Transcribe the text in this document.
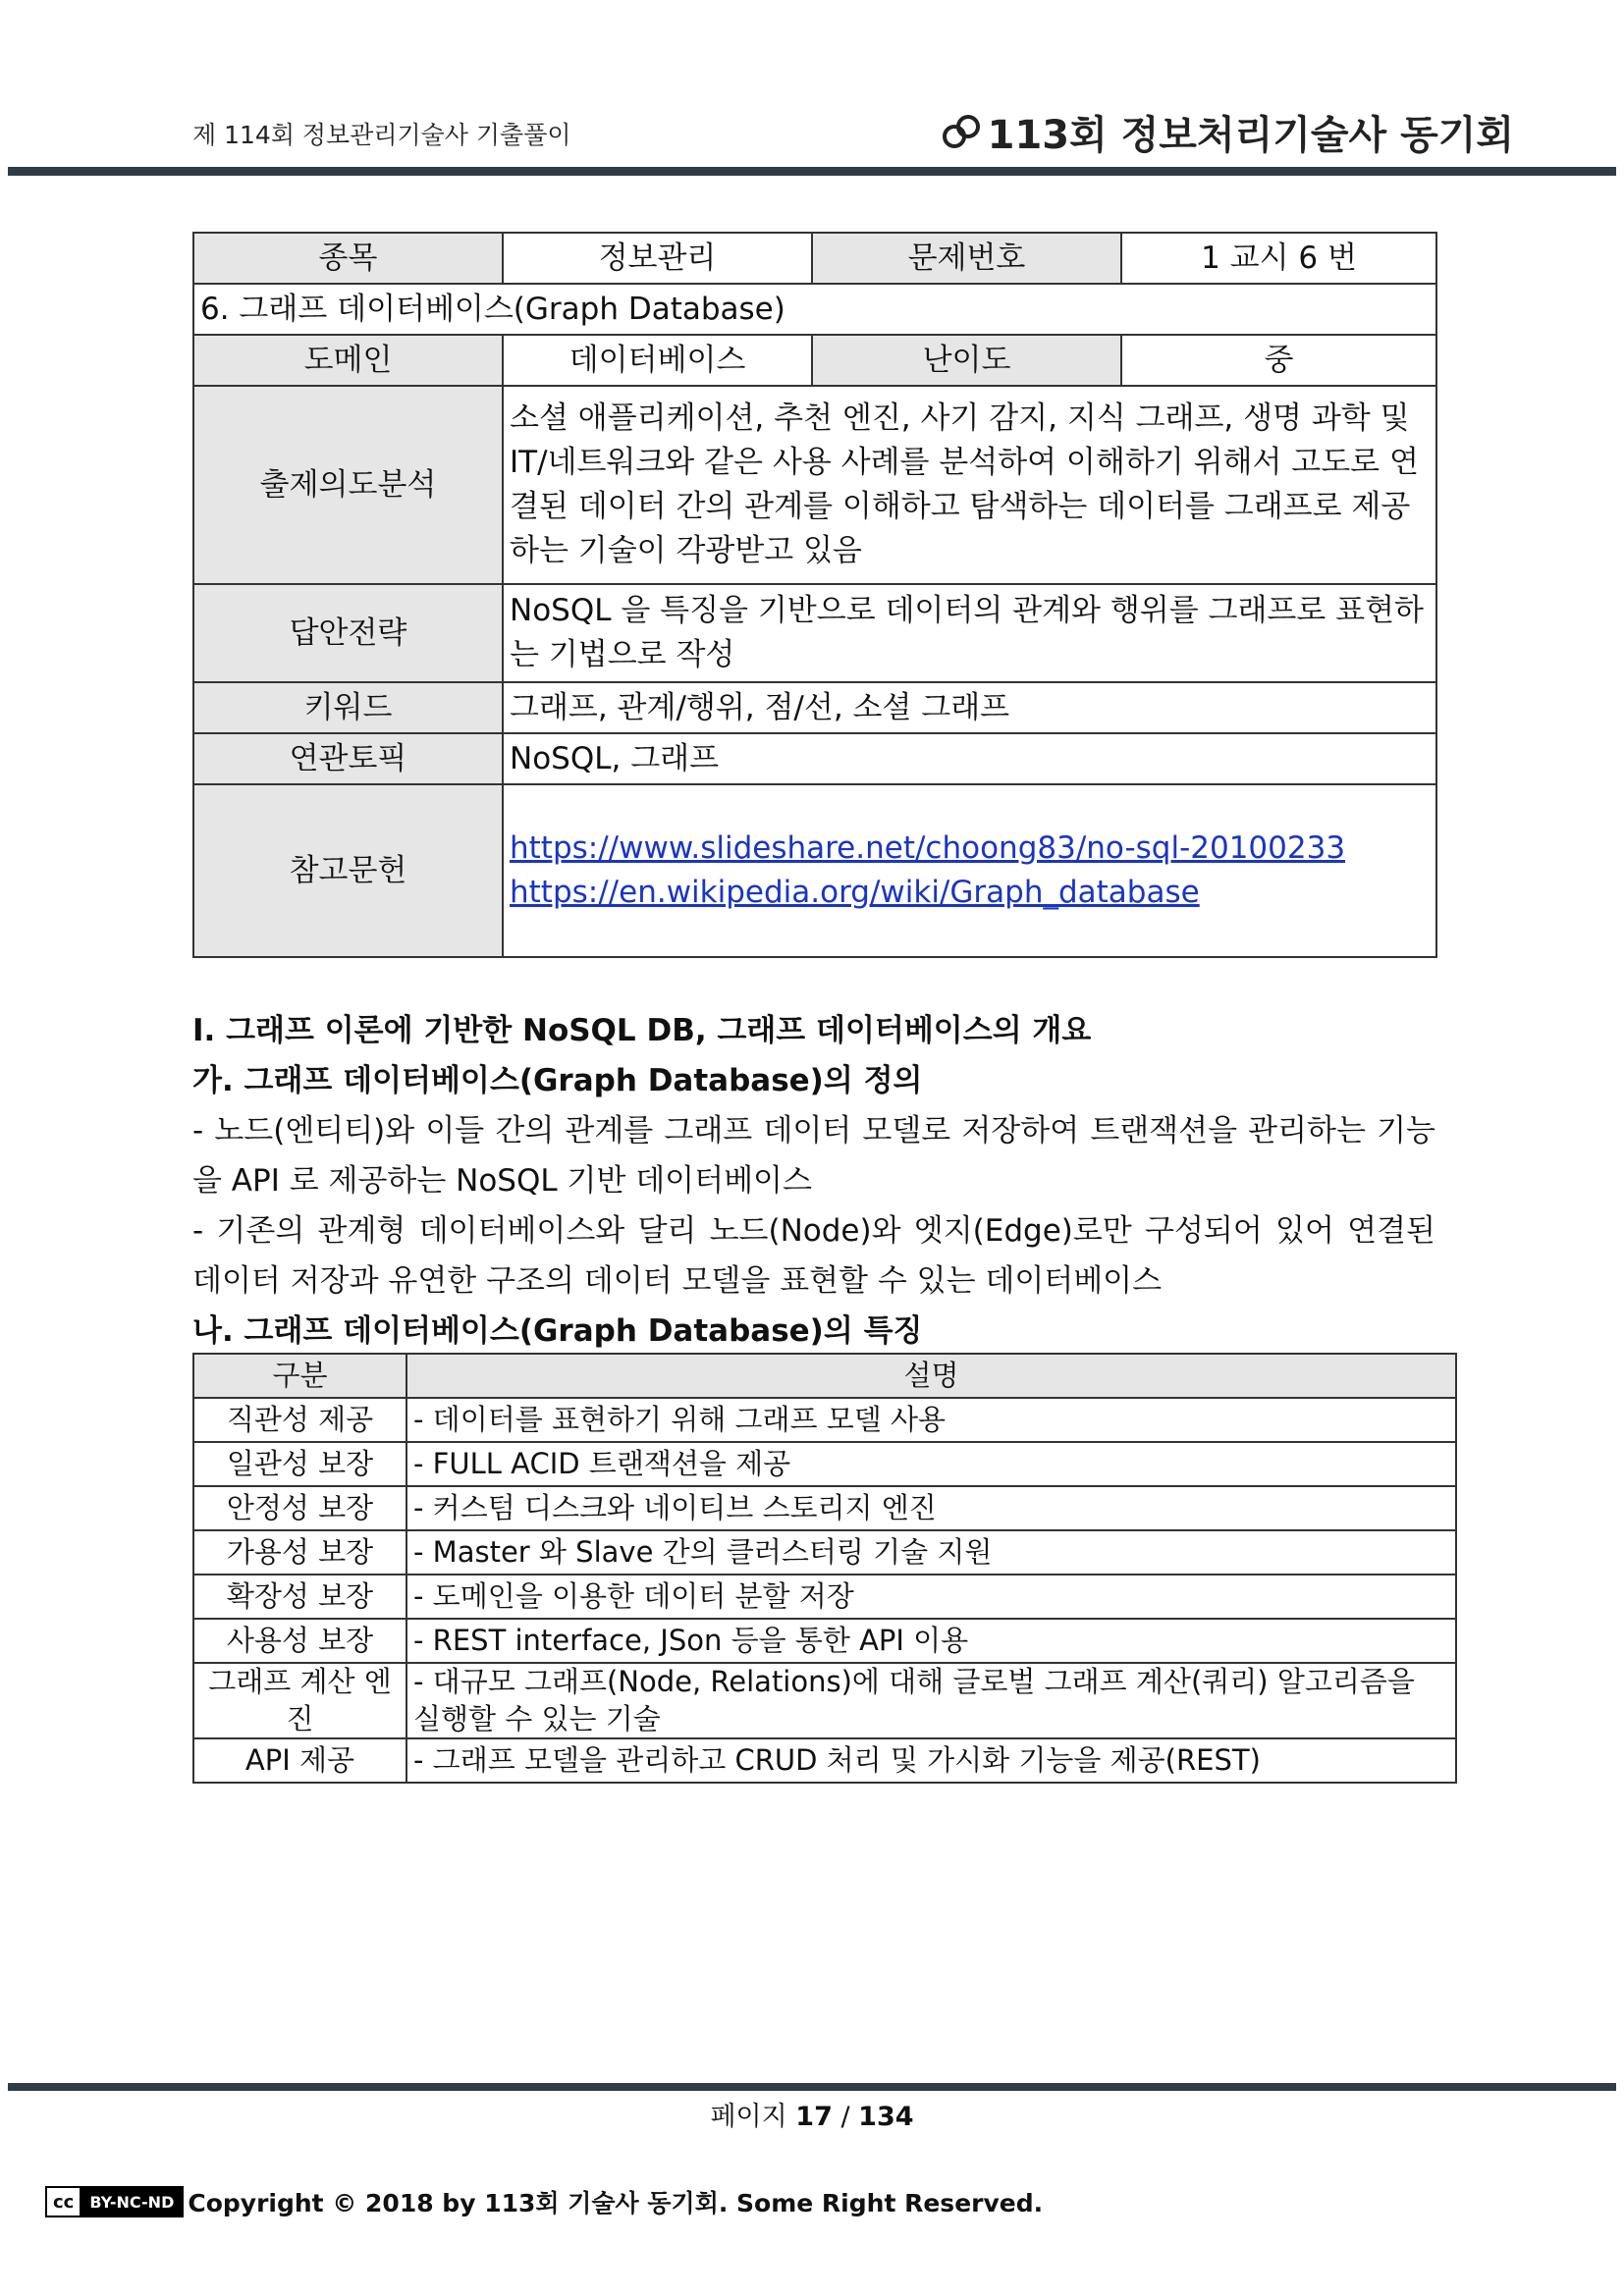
제 114회 정보관리기술사 기출풀이	113회 정보처리기술사 동기회
종목	정보관리	문제번호	1 교시 6 번
6. 그래프 데이터베이스(Graph Database)			
도메인	데이터베이스	난이도	중
출제의도분석	소셜 애플리케이션, 추천 엔진, 사기 감지, 지식 그래프, 생명 과학 및 IT/네트워크와 같은 사용 사례를 분석하여 이해하기 위해서 고도로 연결된 데이터 간의 관계를 이해하고 탐색하는 데이터를 그래프로 제공하는 기술이 각광받고 있음		
답안전략	NoSQL 을 특징을 기반으로 데이터의 관계와 행위를 그래프로 표현하는 기법으로 작성		
키워드	그래프, 관계/행위, 점/선, 소셜 그래프		
연관토픽	NoSQL, 그래프		
참고문헌	https://www.slideshare.net/choong83/no-sql-20100233
https://en.wikipedia.org/wiki/Graph_database		
I. 그래프 이론에 기반한 NoSQL DB, 그래프 데이터베이스의 개요
가. 그래프 데이터베이스(Graph Database)의 정의
- 노드(엔티티)와 이들 간의 관계를 그래프 데이터 모델로 저장하여 트랜잭션을 관리하는 기능을 API 로 제공하는 NoSQL 기반 데이터베이스
- 기존의 관계형 데이터베이스와 달리 노드(Node)와 엣지(Edge)로만 구성되어 있어 연결된 데이터 저장과 유연한 구조의 데이터 모델을 표현할 수 있는 데이터베이스
나. 그래프 데이터베이스(Graph Database)의 특징
구분	설명
직관성 제공	- 데이터를 표현하기 위해 그래프 모델 사용
일관성 보장	- FULL ACID 트랜잭션을 제공
안정성 보장	- 커스텀 디스크와 네이티브 스토리지 엔진
가용성 보장	- Master 와 Slave 간의 클러스터링 기술 지원
확장성 보장	- 도메인을 이용한 데이터 분할 저장
사용성 보장	- REST interface, JSon 등을 통한 API 이용
그래프 계산 엔진	- 대규모 그래프(Node, Relations)에 대해 글로벌 그래프 계산(쿼리) 알고리즘을 실행할 수 있는 기술
API 제공	- 그래프 모델을 관리하고 CRUD 처리 및 가시화 기능을 제공(REST)
페이지 17 / 134
cc	BY-NC-ND Copyright © 2018 by 113회 기술사 동기회. Some Right Reserved.
